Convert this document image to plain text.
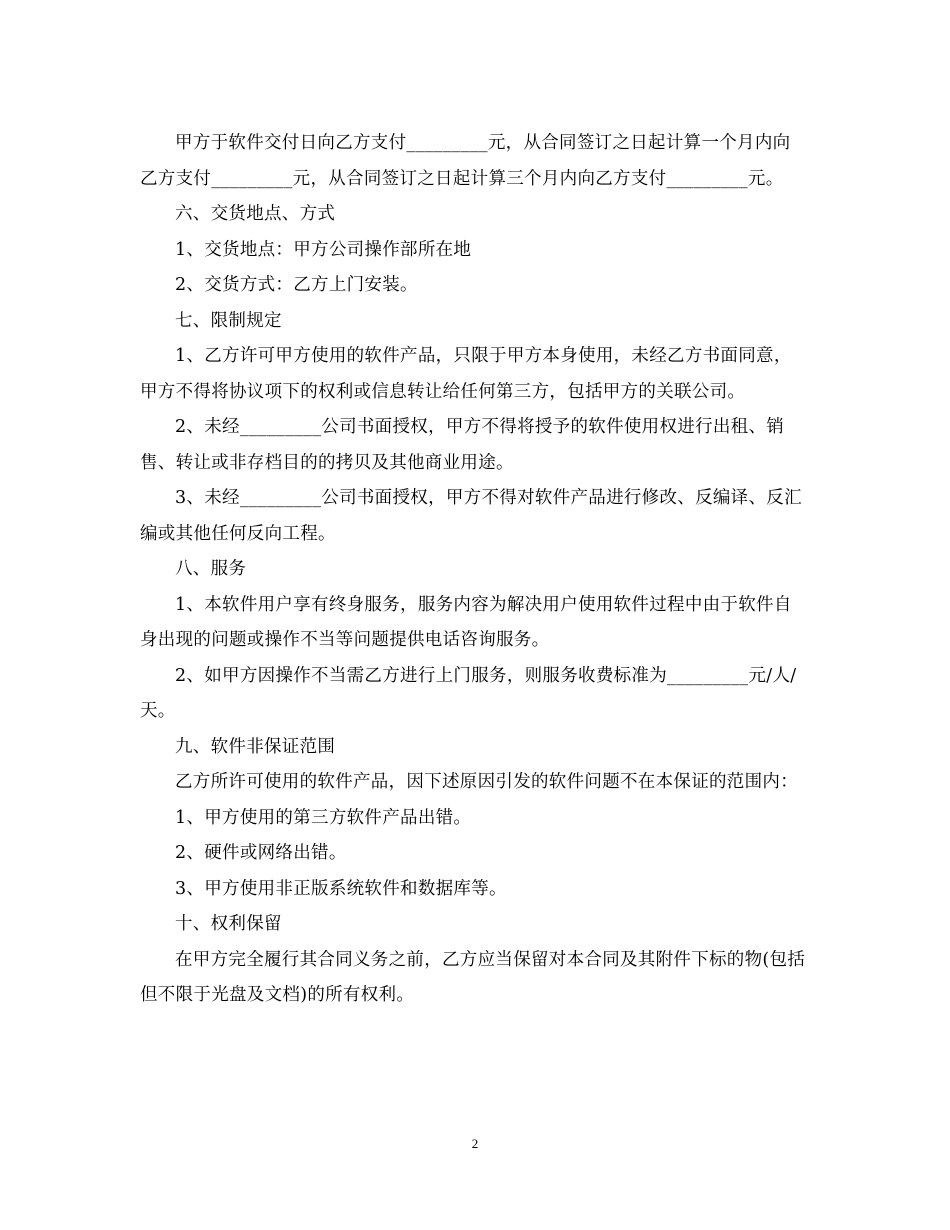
甲方于软件交付日向乙方支付_________元，从合同签订之日起计算一个月内向乙方支付_________元，从合同签订之日起计算三个月内向乙方支付_________元。

六、交货地点、方式

1、交货地点：甲方公司操作部所在地

2、交货方式：乙方上门安装。

七、限制规定

1、乙方许可甲方使用的软件产品，只限于甲方本身使用，未经乙方书面同意，甲方不得将协议项下的权利或信息转让给任何第三方，包括甲方的关联公司。

2、未经_________公司书面授权，甲方不得将授予的软件使用权进行出租、销售、转让或非存档目的的拷贝及其他商业用途。

3、未经_________公司书面授权，甲方不得对软件产品进行修改、反编译、反汇编或其他任何反向工程。

八、服务

1、本软件用户享有终身服务，服务内容为解决用户使用软件过程中由于软件自身出现的问题或操作不当等问题提供电话咨询服务。

2、如甲方因操作不当需乙方进行上门服务，则服务收费标准为_________元/人/天。

九、软件非保证范围

乙方所许可使用的软件产品，因下述原因引发的软件问题不在本保证的范围内：

1、甲方使用的第三方软件产品出错。

2、硬件或网络出错。

3、甲方使用非正版系统软件和数据库等。

十、权利保留

在甲方完全履行其合同义务之前，乙方应当保留对本合同及其附件下标的物(包括但不限于光盘及文档)的所有权利。

2
